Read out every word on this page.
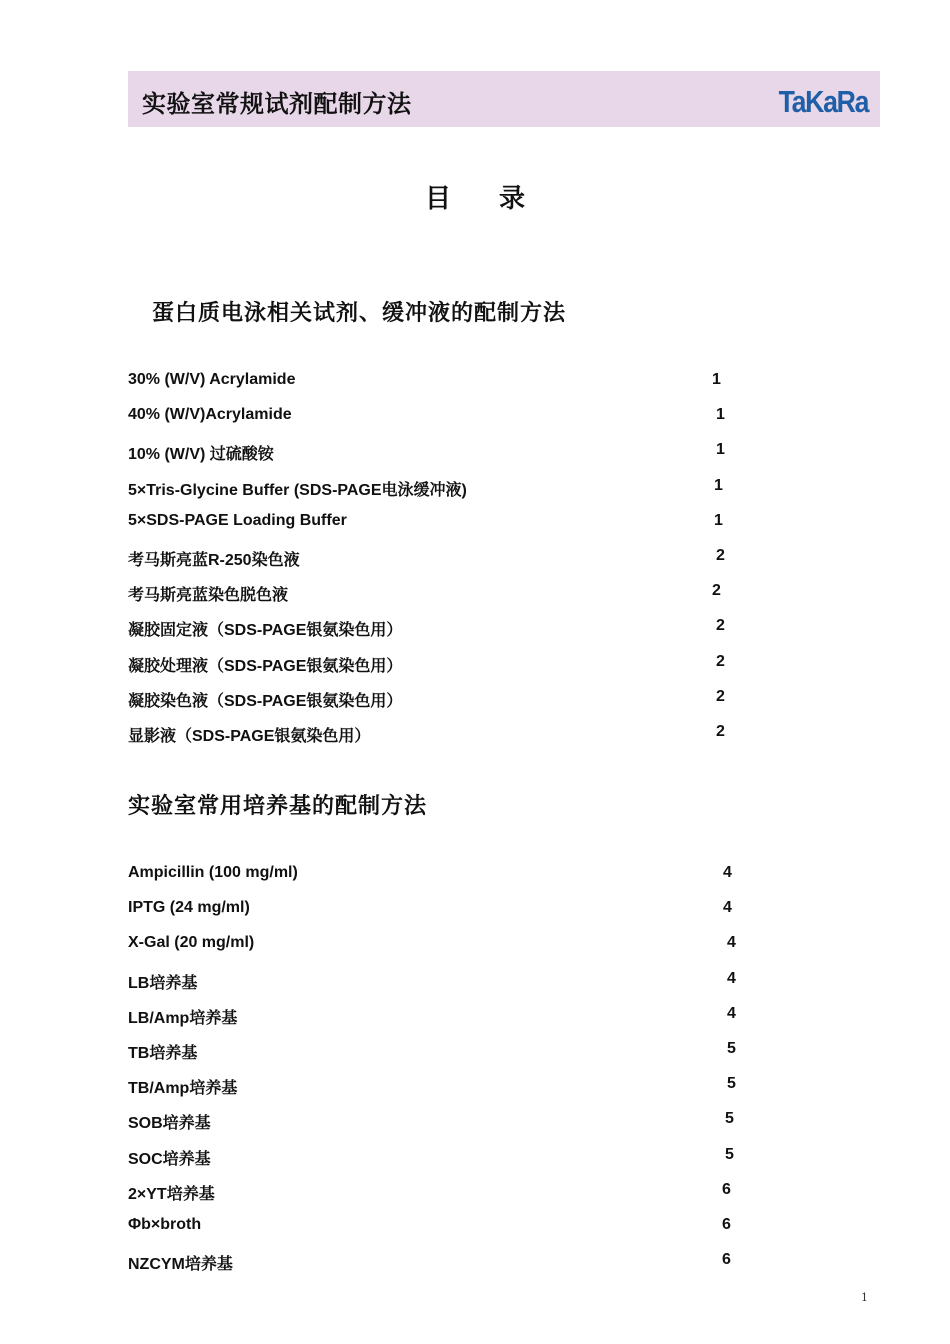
实验室常规试剂配制方法	TaKaRa
目录
蛋白质电泳相关试剂、缓冲液的配制方法
30% (W/V) Acrylamide	1
40% (W/V)Acrylamide	1
10% (W/V) 过硫酸铵	1
5×Tris-Glycine Buffer (SDS-PAGE电泳缓冲液)	1
5×SDS-PAGE Loading Buffer	1
考马斯亮蓝R-250染色液	2
考马斯亮蓝染色脱色液	2
凝胶固定液（SDS-PAGE银氨染色用）	2
凝胶处理液（SDS-PAGE银氨染色用）	2
凝胶染色液（SDS-PAGE银氨染色用）	2
显影液（SDS-PAGE银氨染色用）	2
实验室常用培养基的配制方法
Ampicillin (100 mg/ml)	4
IPTG (24 mg/ml)	4
X-Gal (20 mg/ml)	4
LB培养基	4
LB/Amp培养基	4
TB培养基	5
TB/Amp培养基	5
SOB培养基	5
SOC培养基	5
2×YT培养基	6
Φb×broth	6
NZCYM培养基	6
1
